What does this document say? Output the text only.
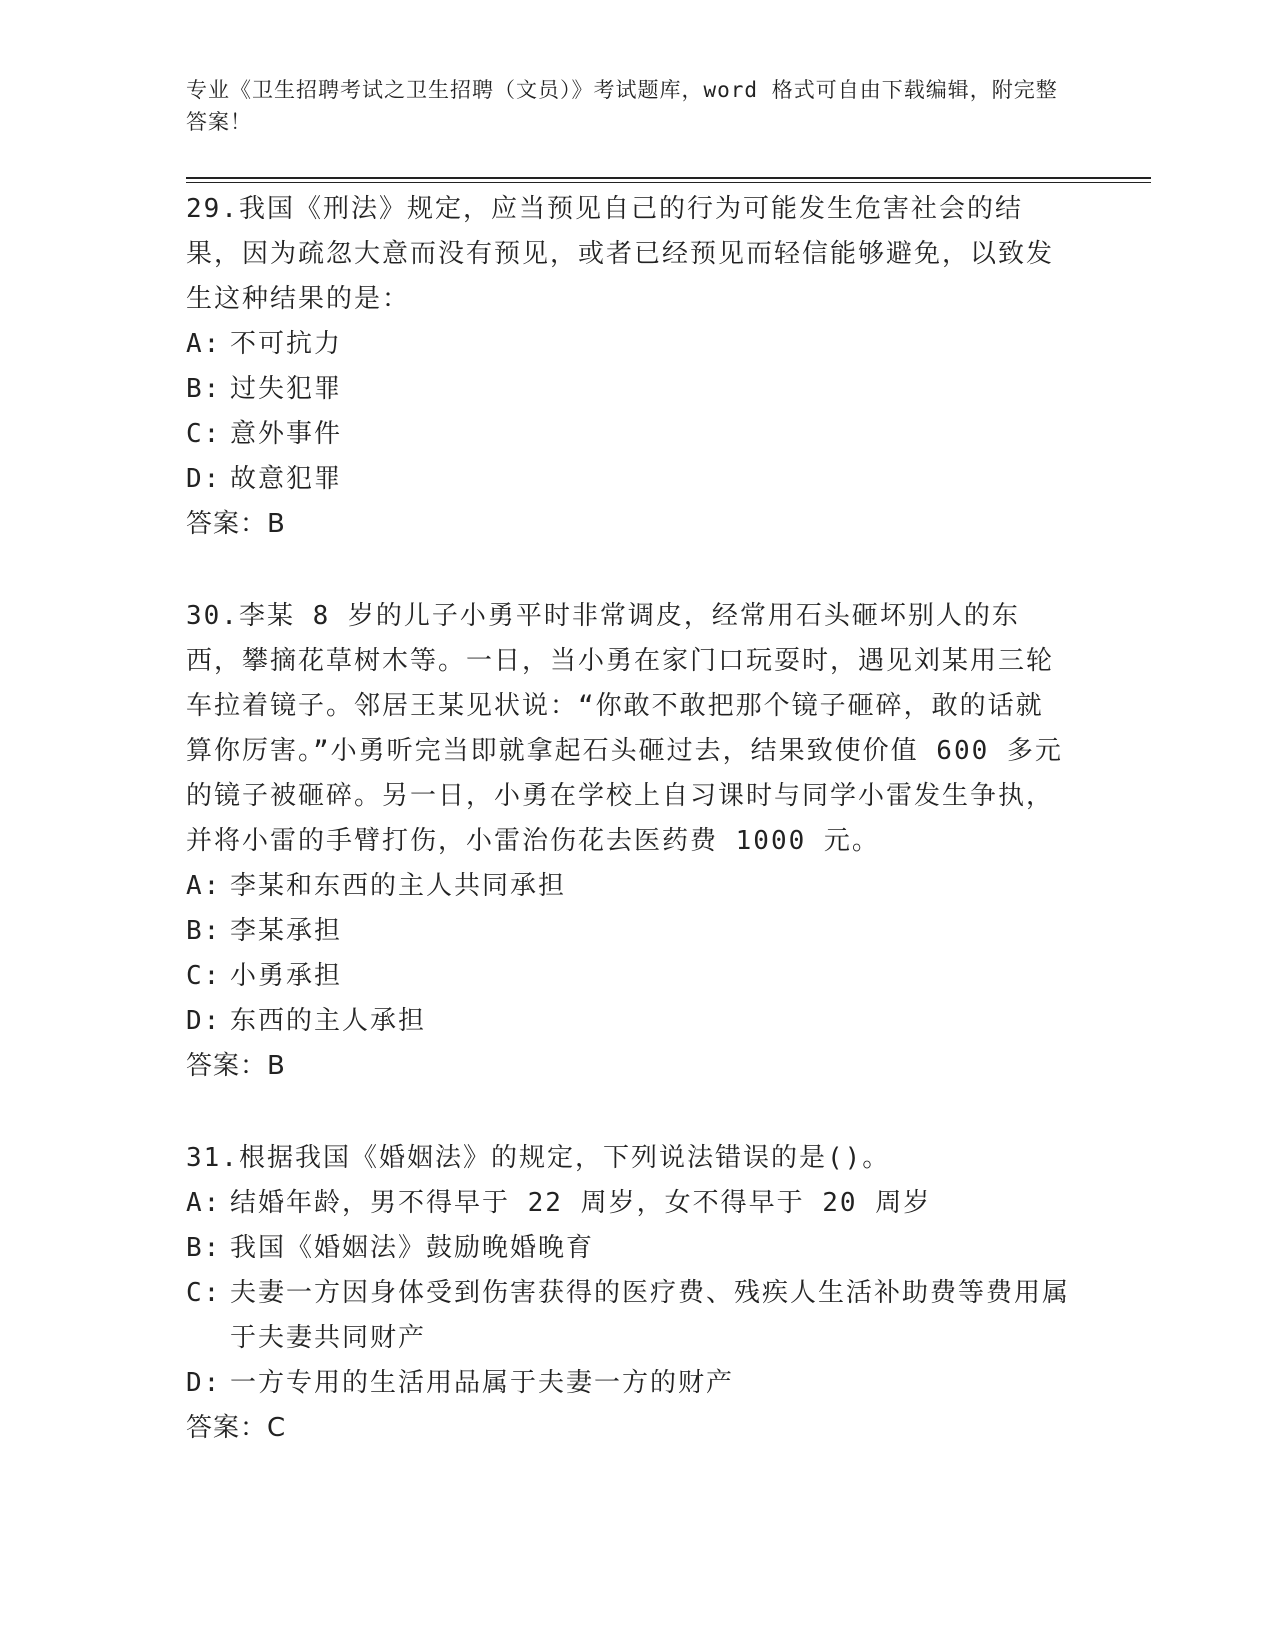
专业《卫生招聘考试之卫生招聘（文员）》考试题库，word 格式可自由下载编辑，附完整答案！

29.我国《刑法》规定，应当预见自己的行为可能发生危害社会的结果，因为疏忽大意而没有预见，或者已经预见而轻信能够避免，以致发生这种结果的是：

A: 不可抗力
B: 过失犯罪
C: 意外事件
D: 故意犯罪

答案：B

30.李某 8 岁的儿子小勇平时非常调皮，经常用石头砸坏别人的东西，攀摘花草树木等。一日，当小勇在家门口玩耍时，遇见刘某用三轮车拉着镜子。邻居王某见状说：“你敢不敢把那个镜子砸碎，敢的话就算你厉害。”小勇听完当即就拿起石头砸过去，结果致使价值 600 多元的镜子被砸碎。另一日，小勇在学校上自习课时与同学小雷发生争执，并将小雷的手臂打伤，小雷治伤花去医药费 1000 元。

A: 李某和东西的主人共同承担
B: 李某承担
C: 小勇承担
D: 东西的主人承担

答案：B

31.根据我国《婚姻法》的规定，下列说法错误的是()。

A: 结婚年龄，男不得早于 22 周岁，女不得早于 20 周岁
B: 我国《婚姻法》鼓励晚婚晚育
C: 夫妻一方因身体受到伤害获得的医疗费、残疾人生活补助费等费用属于夫妻共同财产
D: 一方专用的生活用品属于夫妻一方的财产

答案：C
